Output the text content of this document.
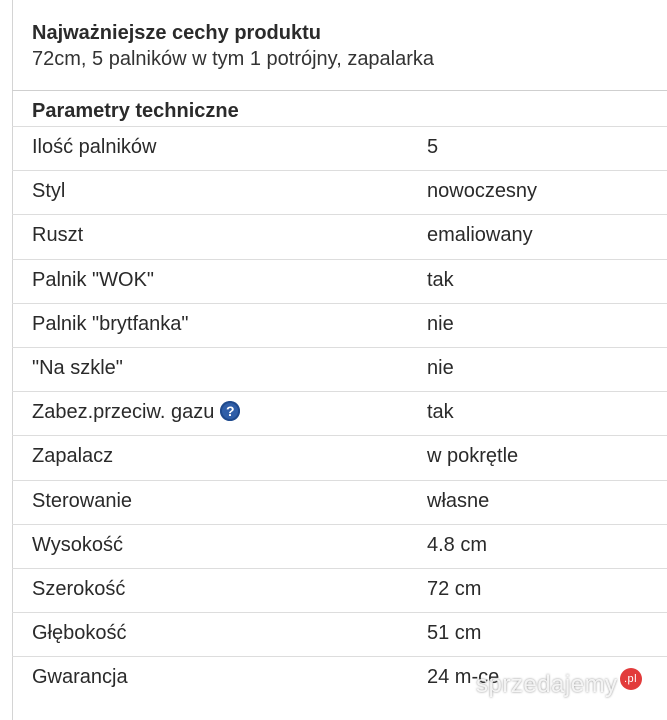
Najważniejsze cechy produktu
72cm, 5 palników w tym 1 potrójny, zapalarka
Parametry techniczne
Ilość palników	5
Styl	nowoczesny
Ruszt	emaliowany
Palnik "WOK"	tak
Palnik "brytfanka"	nie
"Na szkle"	nie
Zabez.przeciw. gazu ?	tak
Zapalacz	w pokrętle
Sterowanie	własne
Wysokość	4.8 cm
Szerokość	72 cm
Głębokość	51 cm
Gwarancja	24 m-ce
sprzedajemy .pl
